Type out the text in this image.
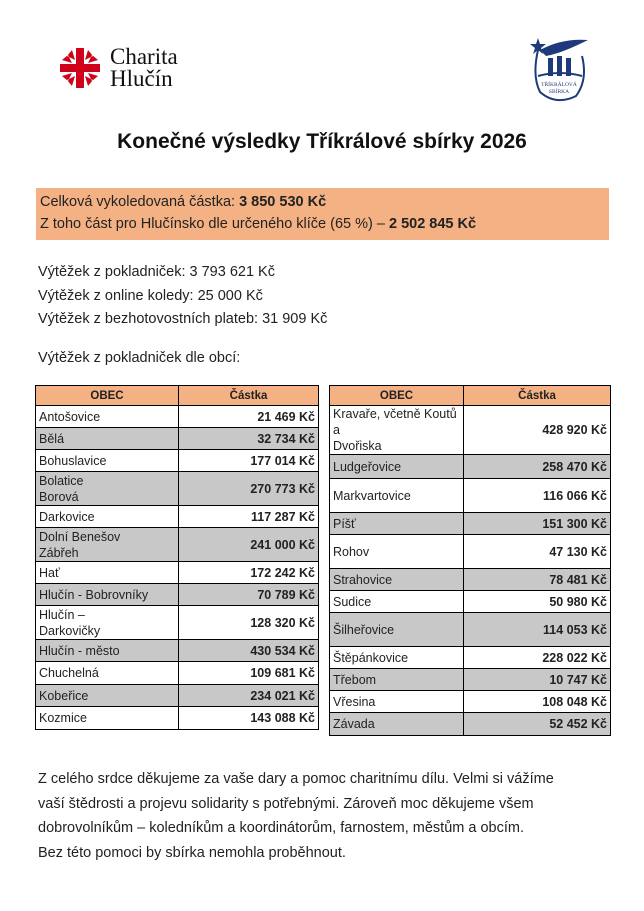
Charita
Hlučín	TŘÍKRÁLOVÁ
SBÍRKA
Konečné výsledky Tříkrálové sbírky 2026
Celková vykoledovaná částka: 3 850 530 Kč
Z toho část pro Hlučínsko dle určeného klíče (65 %) – 2 502 845 Kč
Výtěžek z pokladniček: 3 793 621 Kč
Výtěžek z online koledy: 25 000 Kč
Výtěžek z bezhotovostních plateb: 31 909 Kč
Výtěžek z pokladniček dle obcí:
OBEC	Částka
Antošovice	21 469 Kč
Bělá	32 734 Kč
Bohuslavice	177 014 Kč
Bolatice
Borová	270 773 Kč
Darkovice	117 287 Kč
Dolní Benešov
Zábřeh	241 000 Kč
Hať	172 242 Kč
Hlučín - Bobrovníky	70 789 Kč
Hlučín –
Darkovičky	128 320 Kč
Hlučín - město	430 534 Kč
Chuchelná	109 681 Kč
Kobeřice	234 021 Kč
Kozmice	143 088 Kč
OBEC	Částka
Kravaře, včetně Koutů a
Dvořiska	428 920 Kč
Ludgeřovice	258 470 Kč
Markvartovice	116 066 Kč
Píšť	151 300 Kč
Rohov	47 130 Kč
Strahovice	78 481 Kč
Sudice	50 980 Kč
Šilheřovice	114 053 Kč
Štěpánkovice	228 022 Kč
Třebom	10 747 Kč
Vřesina	108 048 Kč
Závada	52 452 Kč
Z celého srdce děkujeme za vaše dary a pomoc charitnímu dílu. Velmi si vážíme
vaší štědrosti a projevu solidarity s potřebnými. Zároveň moc děkujeme všem
dobrovolníkům – koledníkům a koordinátorům, farnostem, městům a obcím.
Bez této pomoci by sbírka nemohla proběhnout.
